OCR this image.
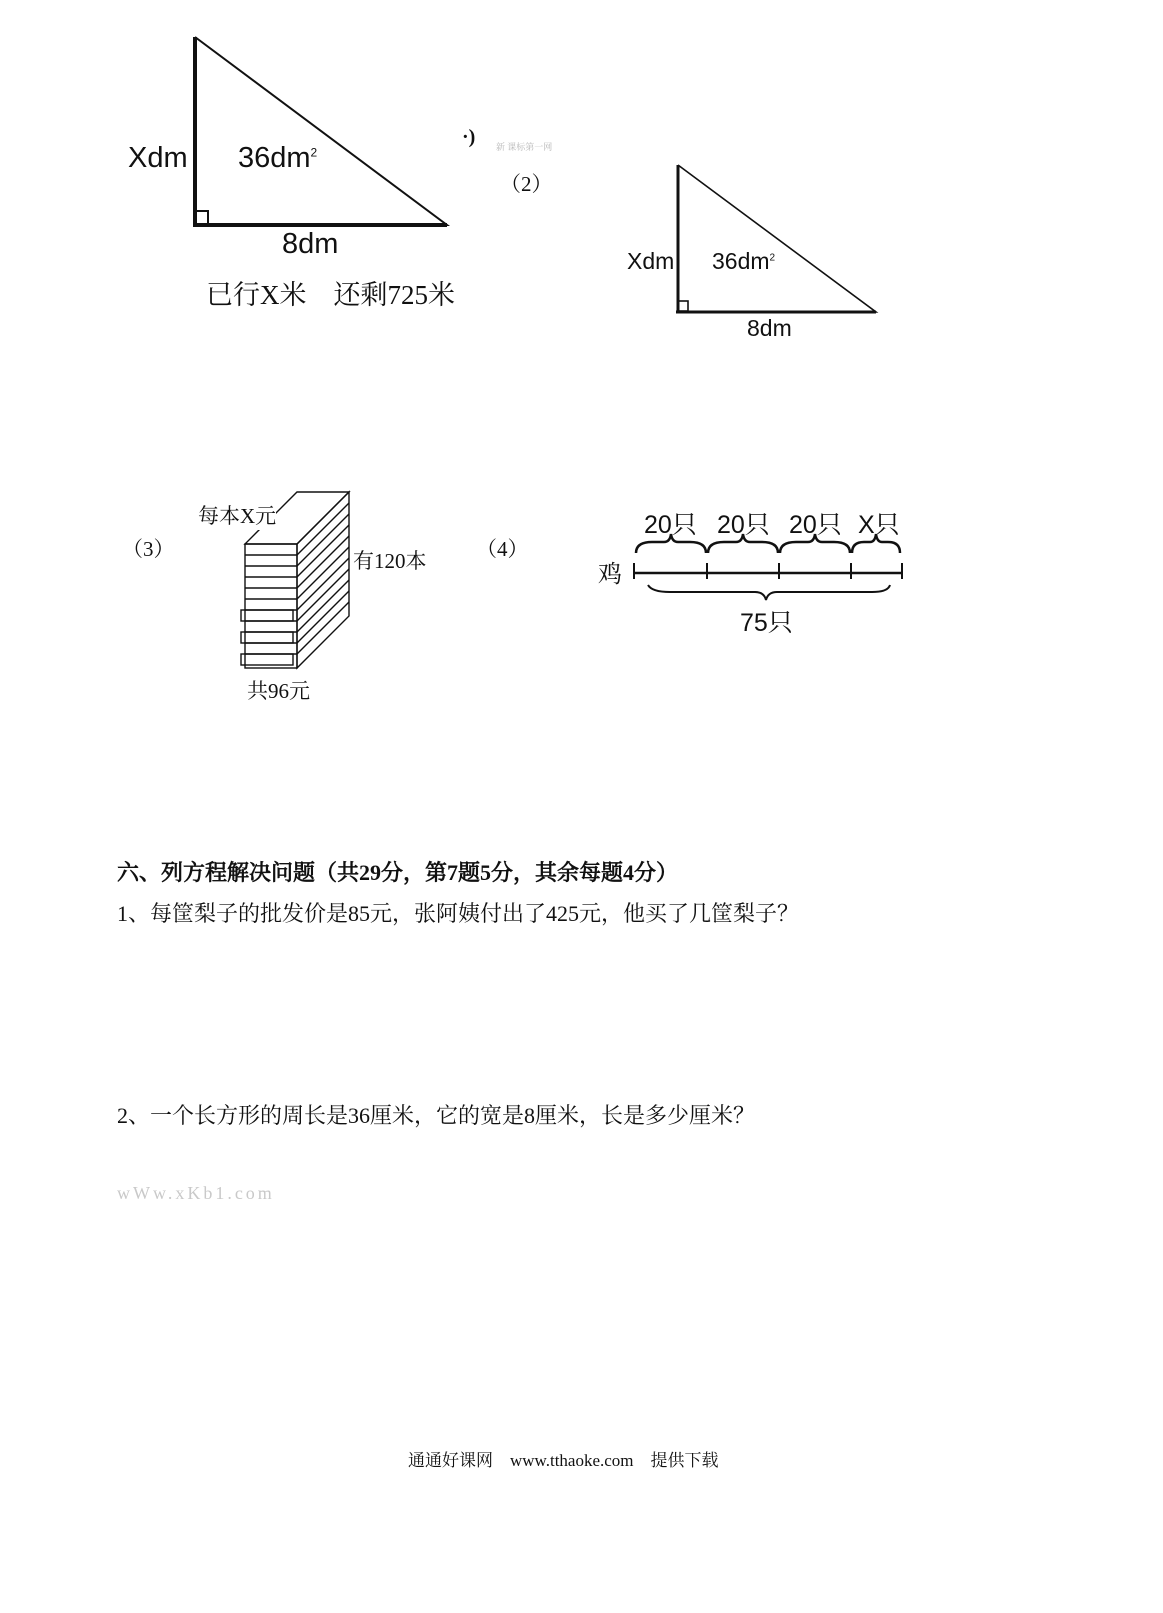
Xdm $36dm^2$
8dm
已行X米　还剩725米
·) 新 课标第一网
（2）
Xdm $36dm^2$
8dm
（3）
每本X元
有120本
共96元
（4）
20只 20只 20只 X只
鸡
75只
六、列方程解决问题（共29分，第7题5分，其余每题4分）
1、每筐梨子的批发价是85元，张阿姨付出了425元，他买了几筐梨子？
2、一个长方形的周长是36厘米，它的宽是8厘米，长是多少厘米？
wWw.xKb1.com
通通好课网　www.tthaoke.com　提供下载
